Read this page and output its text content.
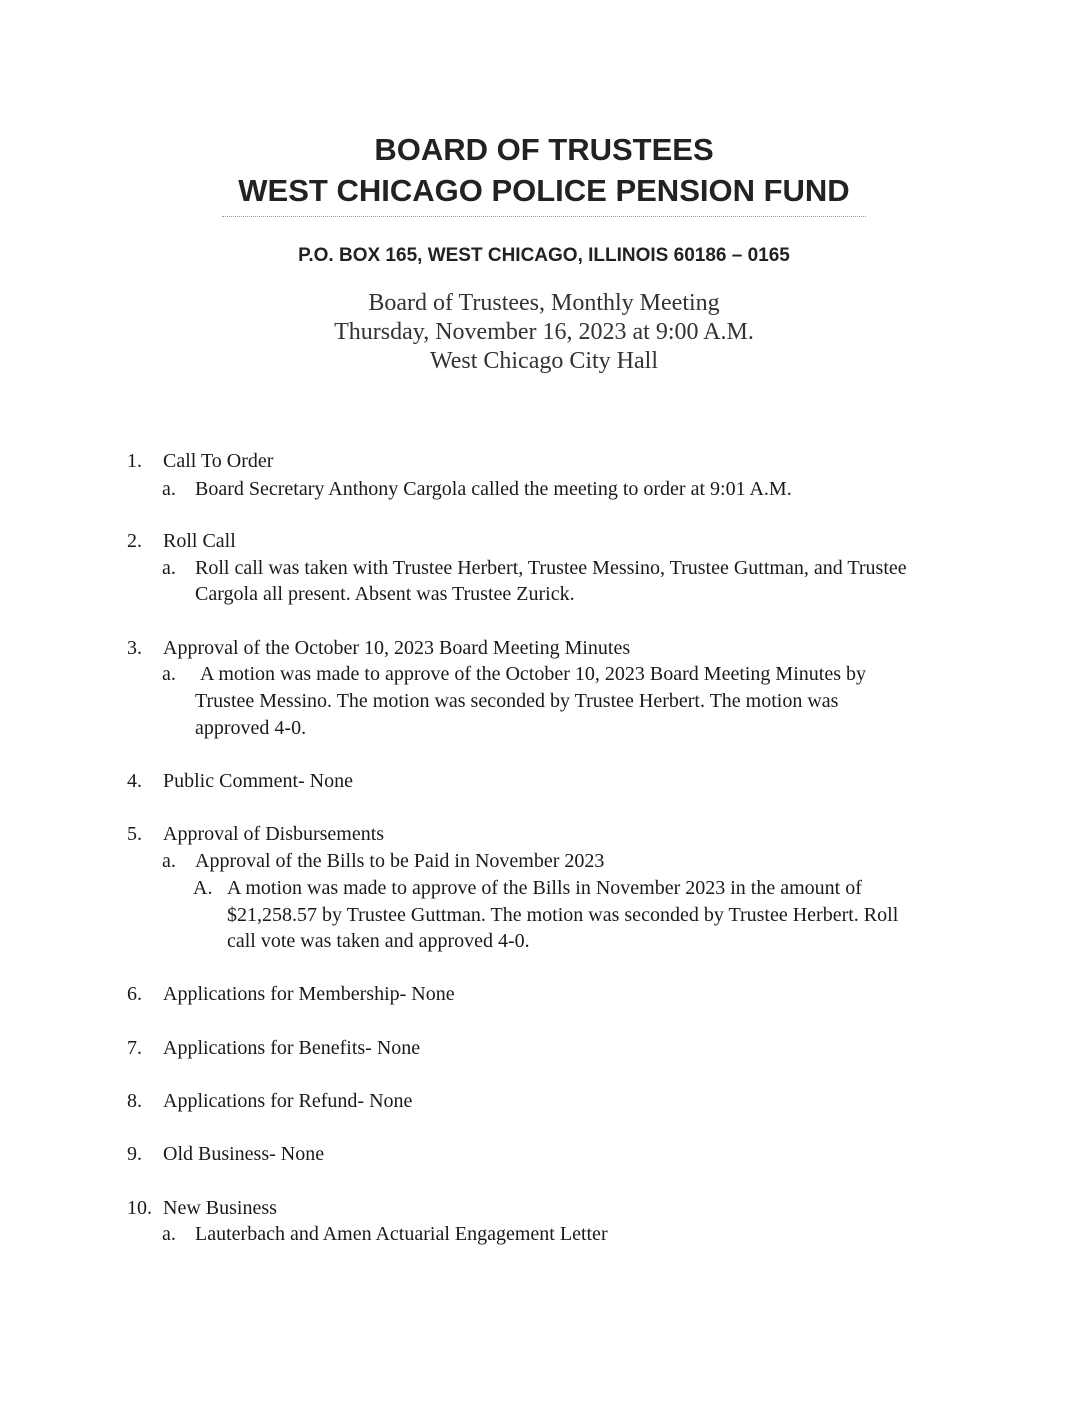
BOARD OF TRUSTEES
WEST CHICAGO POLICE PENSION FUND
P.O. BOX 165, WEST CHICAGO, ILLINOIS 60186 – 0165
Board of Trustees, Monthly Meeting
Thursday, November 16, 2023 at 9:00 A.M.
West Chicago City Hall
1. Call To Order
a. Board Secretary Anthony Cargola called the meeting to order at 9:01 A.M.
2. Roll Call
a. Roll call was taken with Trustee Herbert, Trustee Messino, Trustee Guttman, and Trustee
Cargola all present. Absent was Trustee Zurick.
3. Approval of the October 10, 2023 Board Meeting Minutes
a. A motion was made to approve of the October 10, 2023 Board Meeting Minutes by
Trustee Messino. The motion was seconded by Trustee Herbert. The motion was
approved 4-0.
4. Public Comment- None
5. Approval of Disbursements
a. Approval of the Bills to be Paid in November 2023
A. A motion was made to approve of the Bills in November 2023 in the amount of
$21,258.57 by Trustee Guttman. The motion was seconded by Trustee Herbert. Roll
call vote was taken and approved 4-0.
6. Applications for Membership- None
7. Applications for Benefits- None
8. Applications for Refund- None
9. Old Business- None
10. New Business
a. Lauterbach and Amen Actuarial Engagement Letter
